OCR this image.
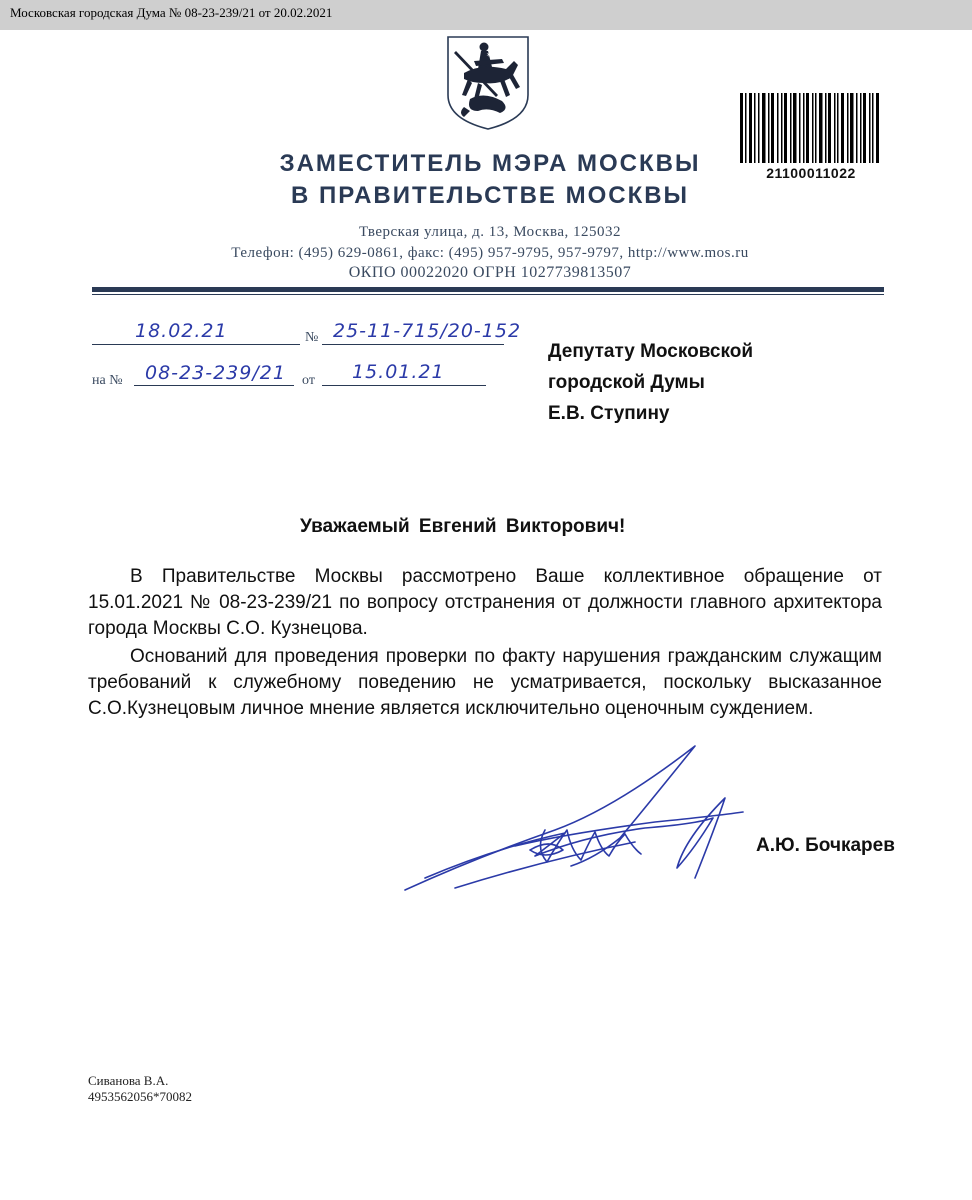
Московская городская Дума № 08-23-239/21 от 20.02.2021
✶
21100011022
ЗАМЕСТИТЕЛЬ МЭРА МОСКВЫ
В ПРАВИТЕЛЬСТВЕ МОСКВЫ
Тверская улица, д. 13, Москва, 125032
Телефон: (495) 629-0861, факс: (495) 957-9795, 957-9797, http://www.mos.ru
ОКПО 00022020 ОГРН 1027739813507
18.02.21	№ 25-11-715/20-152
на № 08-23-239/21 от 15.01.21
Депутату Московской
городской Думы
Е.В. Ступину
Уважаемый Евгений Викторович!
В Правительстве Москвы рассмотрено Ваше коллективное обращение от 15.01.2021 № 08-23-239/21 по вопросу отстранения от должности главного архитектора города Москвы С.О. Кузнецова.
Оснований для проведения проверки по факту нарушения гражданским служащим требований к служебному поведению не усматривается, поскольку высказанное С.О.Кузнецовым личное мнение является исключительно оценочным суждением.
А.Ю. Бочкарев
Сиванова В.А.
4953562056*70082
